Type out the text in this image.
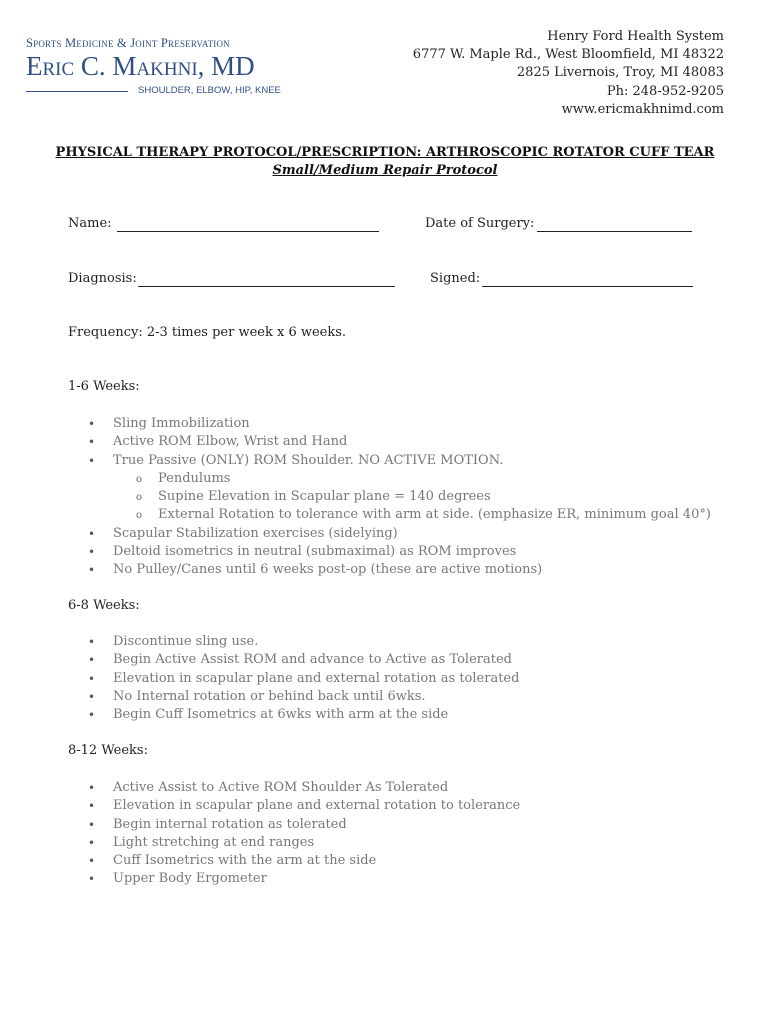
Sports Medicine & Joint Preservation
Eric C. Makhni, MD
SHOULDER, ELBOW, HIP, KNEE
Henry Ford Health System
6777 W. Maple Rd., West Bloomfield, MI 48322
2825 Livernois, Troy, MI 48083
Ph: 248-952-9205
www.ericmakhnimd.com
PHYSICAL THERAPY PROTOCOL/PRESCRIPTION: ARTHROSCOPIC ROTATOR CUFF TEAR
Small/Medium Repair Protocol
Name:	Date of Surgery:
Diagnosis:	Signed:
Frequency: 2-3 times per week x 6 weeks.
1-6 Weeks:
• Sling Immobilization
• Active ROM Elbow, Wrist and Hand
• True Passive (ONLY) ROM Shoulder. NO ACTIVE MOTION.
o Pendulums
o Supine Elevation in Scapular plane = 140 degrees
o External Rotation to tolerance with arm at side. (emphasize ER, minimum goal 40°)
• Scapular Stabilization exercises (sidelying)
• Deltoid isometrics in neutral (submaximal) as ROM improves
• No Pulley/Canes until 6 weeks post-op (these are active motions)
6-8 Weeks:
• Discontinue sling use.
• Begin Active Assist ROM and advance to Active as Tolerated
• Elevation in scapular plane and external rotation as tolerated
• No Internal rotation or behind back until 6wks.
• Begin Cuff Isometrics at 6wks with arm at the side
8-12 Weeks:
• Active Assist to Active ROM Shoulder As Tolerated
• Elevation in scapular plane and external rotation to tolerance
• Begin internal rotation as tolerated
• Light stretching at end ranges
• Cuff Isometrics with the arm at the side
• Upper Body Ergometer
